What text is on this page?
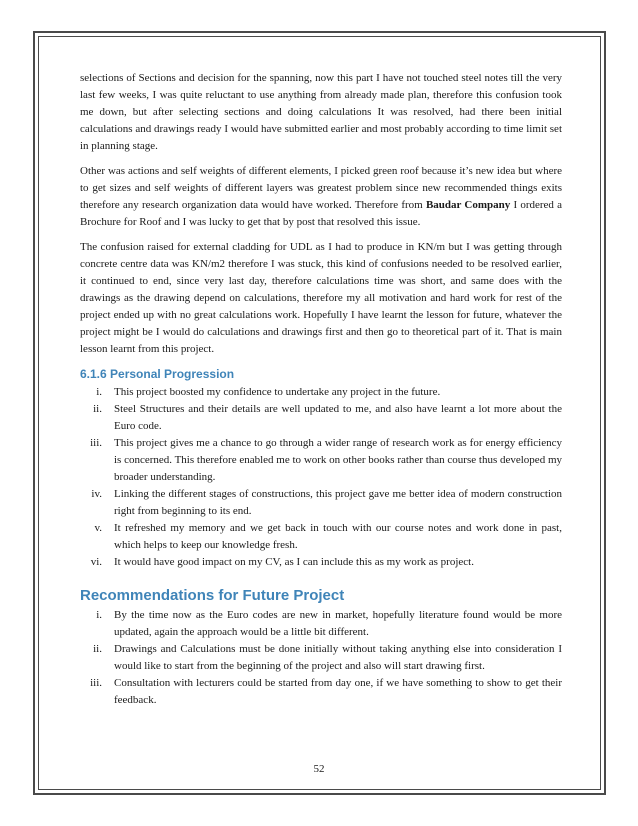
selections of Sections and decision for the spanning, now this part I have not touched steel notes till the very last few weeks, I was quite reluctant to use anything from already made plan, therefore this confusion took me down, but after selecting sections and doing calculations It was resolved, had there been initial calculations and drawings ready I would have submitted earlier and most probably according to time limit set in planning stage.

Other was actions and self weights of different elements, I picked green roof because it’s new idea but where to get sizes and self weights of different layers was greatest problem since new recommended things exits therefore any research organization data would have worked. Therefore from Baudar Company I ordered a Brochure for Roof and I was lucky to get that by post that resolved this issue.

The confusion raised for external cladding for UDL as I had to produce in KN/m but I was getting through concrete centre data was KN/m2 therefore I was stuck, this kind of confusions needed to be resolved earlier, it continued to end, since very last day, therefore calculations time was short, and same does with the drawings as the drawing depend on calculations, therefore my all motivation and hard work for rest of the project ended up with no great calculations work. Hopefully I have learnt the lesson for future, whatever the project might be I would do calculations and drawings first and then go to theoretical part of it. That is main lesson learnt from this project.

6.1.6 Personal Progression
i.	This project boosted my confidence to undertake any project in the future.
ii.	Steel Structures and their details are well updated to me, and also have learnt a lot more about the Euro code.
iii.	This project gives me a chance to go through a wider range of research work as for energy efficiency is concerned. This therefore enabled me to work on other books rather than course thus developed my broader understanding.
iv.	Linking the different stages of constructions, this project gave me better idea of modern construction right from beginning to its end.
v.	It refreshed my memory and we get back in touch with our course notes and work done in past, which helps to keep our knowledge fresh.
vi.	It would have good impact on my CV, as I can include this as my work as project.
Recommendations for Future Project
i.	By the time now as the Euro codes are new in market, hopefully literature found would be more updated, again the approach would be a little bit different.
ii.	Drawings and Calculations must be done initially without taking anything else into consideration I would like to start from the beginning of the project and also will start drawing first.
iii.	Consultation with lecturers could be started from day one, if we have something to show to get their feedback.
52
